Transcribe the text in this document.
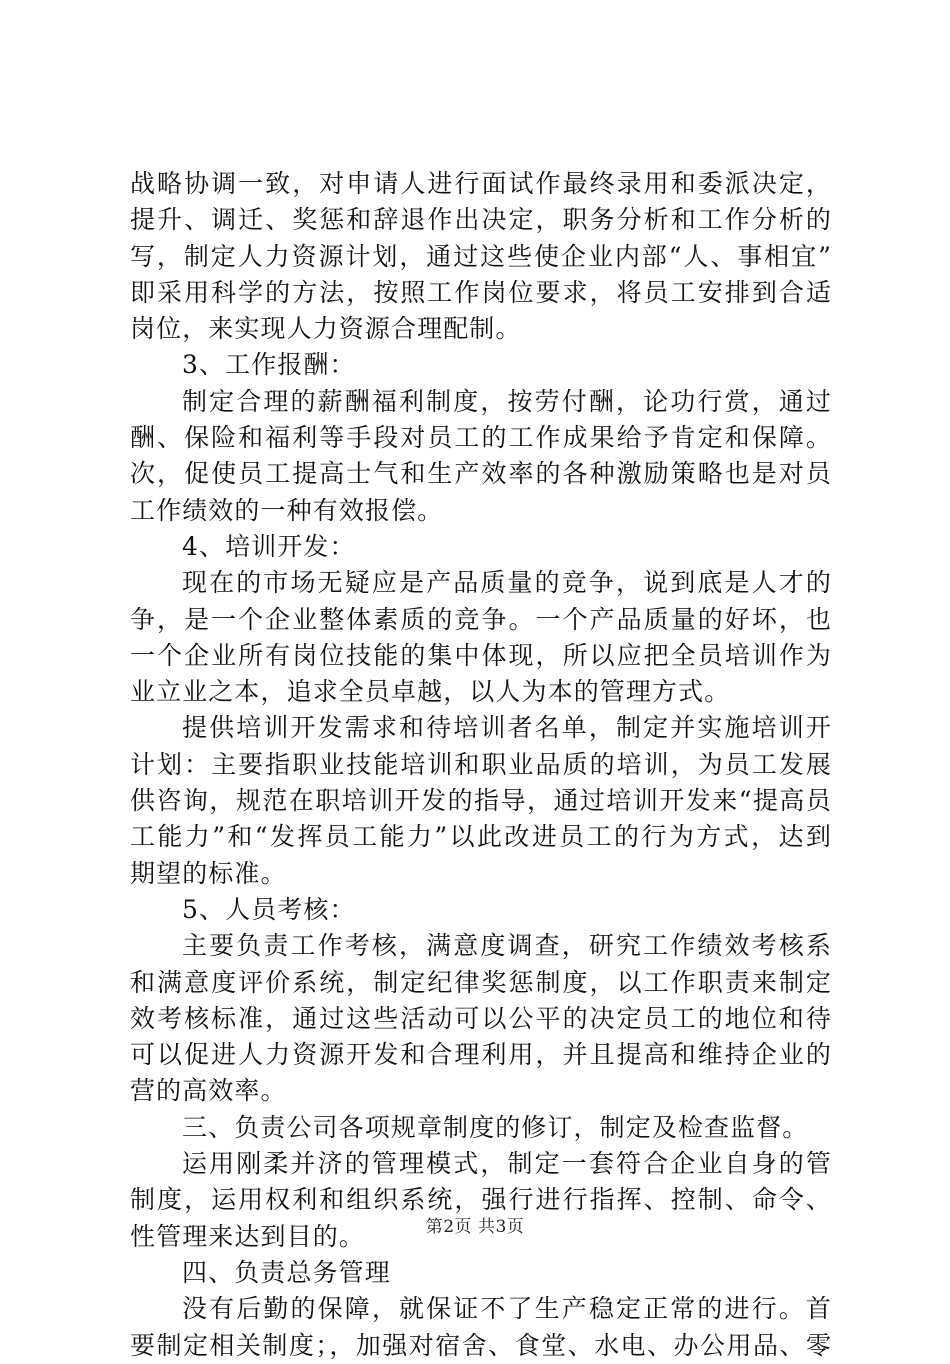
战略协调一致，对申请人进行面试作最终录用和委派决定，
提升、调迁、奖惩和辞退作出决定，职务分析和工作分析的
写，制定人力资源计划，通过这些使企业内部“人、事相宜”
即采用科学的方法，按照工作岗位要求，将员工安排到合适
岗位，来实现人力资源合理配制。
3、工作报酬：
制定合理的薪酬福利制度，按劳付酬，论功行赏，通过
酬、保险和福利等手段对员工的工作成果给予肯定和保障。
次，促使员工提高士气和生产效率的各种激励策略也是对员
工作绩效的一种有效报偿。
4、培训开发：
现在的市场无疑应是产品质量的竞争，说到底是人才的
争，是一个企业整体素质的竞争。一个产品质量的好坏，也
一个企业所有岗位技能的集中体现，所以应把全员培训作为
业立业之本，追求全员卓越，以人为本的管理方式。
提供培训开发需求和待培训者名单，制定并实施培训开
计划：主要指职业技能培训和职业品质的培训，为员工发展
供咨询，规范在职培训开发的指导，通过培训开发来“提高员
工能力”和“发挥员工能力”以此改进员工的行为方式，达到
期望的标准。
5、人员考核：
主要负责工作考核，满意度调查，研究工作绩效考核系
和满意度评价系统，制定纪律奖惩制度，以工作职责来制定
效考核标准，通过这些活动可以公平的决定员工的地位和待
可以促进人力资源开发和合理利用，并且提高和维持企业的
营的高效率。
三、负责公司各项规章制度的修订，制定及检查监督。
运用刚柔并济的管理模式，制定一套符合企业自身的管
制度，运用权利和组织系统，强行进行指挥、控制、命令、
性管理来达到目的。
四、负责总务管理
没有后勤的保障，就保证不了生产稳定正常的进行。首
要制定相关制度；，加强对宿舍、食堂、水电、办公用品、零
第2页 共3页
